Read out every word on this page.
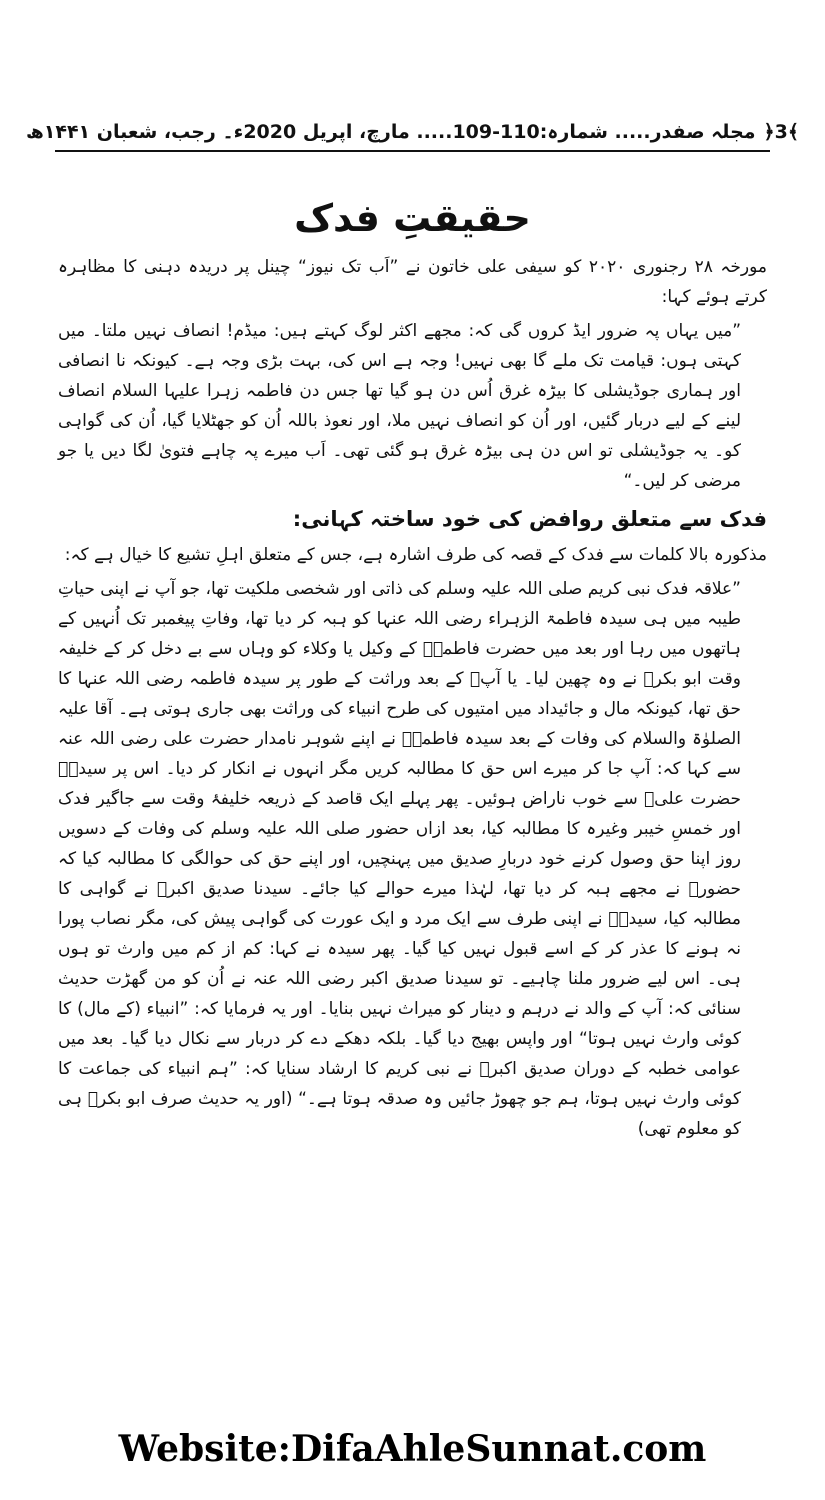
﴾3﴿
مجلہ صفدر..... شمارہ:110-109..... مارچ، اپریل 2020ء۔ رجب، شعبان ۱۴۴۱ھ
حقیقتِ فدک

مورخہ ۲۸ رجنوری ۲۰۲۰ کو سیفی علی خاتون نے ”اَب تک نیوز“ چینل پر دریدہ دہنی کا مظاہرہ کرتے ہوئے کہا:

”میں یہاں پہ ضرور ایڈ کروں گی کہ: مجھے اکثر لوگ کہتے ہیں: میڈم! انصاف نہیں ملتا۔ میں کہتی ہوں: قیامت تک ملے گا بھی نہیں! وجہ ہے اس کی، بہت بڑی وجہ ہے۔ کیونکہ نا انصافی اور ہماری جوڈیشلی کا بیڑہ غرق اُس دن ہو گیا تھا جس دن فاطمہ زہرا علیہا السلام انصاف لینے کے لیے دربار گئیں، اور اُن کو انصاف نہیں ملا، اور نعوذ باللہ اُن کو جھٹلایا گیا، اُن کی گواہی کو۔ یہ جوڈیشلی تو اس دن ہی بیڑہ غرق ہو گئی تھی۔ اَب میرے پہ چاہے فتویٰ لگا دیں یا جو مرضی کر لیں۔“

فدک سے متعلق روافض کی خود ساختہ کہانی:

مذکورہ بالا کلمات سے فدک کے قصہ کی طرف اشارہ ہے، جس کے متعلق اہلِ تشیع کا خیال ہے کہ:

”علاقہ فدک نبی کریم صلی اللہ علیہ وسلم کی ذاتی اور شخصی ملکیت تھا، جو آپ نے اپنی حیاتِ طیبہ میں ہی سیدہ فاطمۃ الزہراء رضی اللہ عنہا کو ہبہ کر دیا تھا، وفاتِ پیغمبر تک اُنہیں کے ہاتھوں میں رہا اور بعد میں حضرت فاطمہؓ کے وکیل یا وکلاء کو وہاں سے بے دخل کر کے خلیفہ وقت ابو بکرؓ نے وہ چھین لیا۔ یا آپؐ کے بعد وراثت کے طور پر سیدہ فاطمہ رضی اللہ عنہا کا حق تھا، کیونکہ مال و جائیداد میں امتیوں کی طرح انبیاء کی وراثت بھی جاری ہوتی ہے۔ آقا علیہ الصلوٰۃ والسلام کی وفات کے بعد سیدہ فاطمہؓ نے اپنے شوہر نامدار حضرت علی رضی اللہ عنہ سے کہا کہ: آپ جا کر میرے اس حق کا مطالبہ کریں مگر انہوں نے انکار کر دیا۔ اس پر سیدہؓ حضرت علیؓ سے خوب ناراض ہوئیں۔ پھر پہلے ایک قاصد کے ذریعہ خلیفۂ وقت سے جاگیر فدک اور خمسِ خیبر وغیرہ کا مطالبہ کیا، بعد ازاں حضور صلی اللہ علیہ وسلم کی وفات کے دسویں روز اپنا حق وصول کرنے خود دربارِ صدیق میں پہنچیں، اور اپنے حق کی حوالگی کا مطالبہ کیا کہ حضورؐ نے مجھے ہبہ کر دیا تھا، لہٰذا میرے حوالے کیا جائے۔ سیدنا صدیق اکبرؓ نے گواہی کا مطالبہ کیا، سیدہؓ نے اپنی طرف سے ایک مرد و ایک عورت کی گواہی پیش کی، مگر نصاب پورا نہ ہونے کا عذر کر کے اسے قبول نہیں کیا گیا۔ پھر سیدہ نے کہا: کم از کم میں وارث تو ہوں ہی۔ اس لیے ضرور ملنا چاہیے۔ تو سیدنا صدیق اکبر رضی اللہ عنہ نے اُن کو من گھڑت حدیث سنائی کہ: آپ کے والد نے درہم و دینار کو میراث نہیں بنایا۔ اور یہ فرمایا کہ: ”انبیاء (کے مال) کا کوئی وارث نہیں ہوتا“ اور واپس بھیج دیا گیا۔ بلکہ دھکے دے کر دربار سے نکال دیا گیا۔ بعد میں عوامی خطبہ کے دوران صدیق اکبرؓ نے نبی کریم کا ارشاد سنایا کہ: ”ہم انبیاء کی جماعت کا کوئی وارث نہیں ہوتا، ہم جو چھوڑ جائیں وہ صدقہ ہوتا ہے۔“ (اور یہ حدیث صرف ابو بکرؓ ہی کو معلوم تھی)

Website:DifaAhleSunnat.com
